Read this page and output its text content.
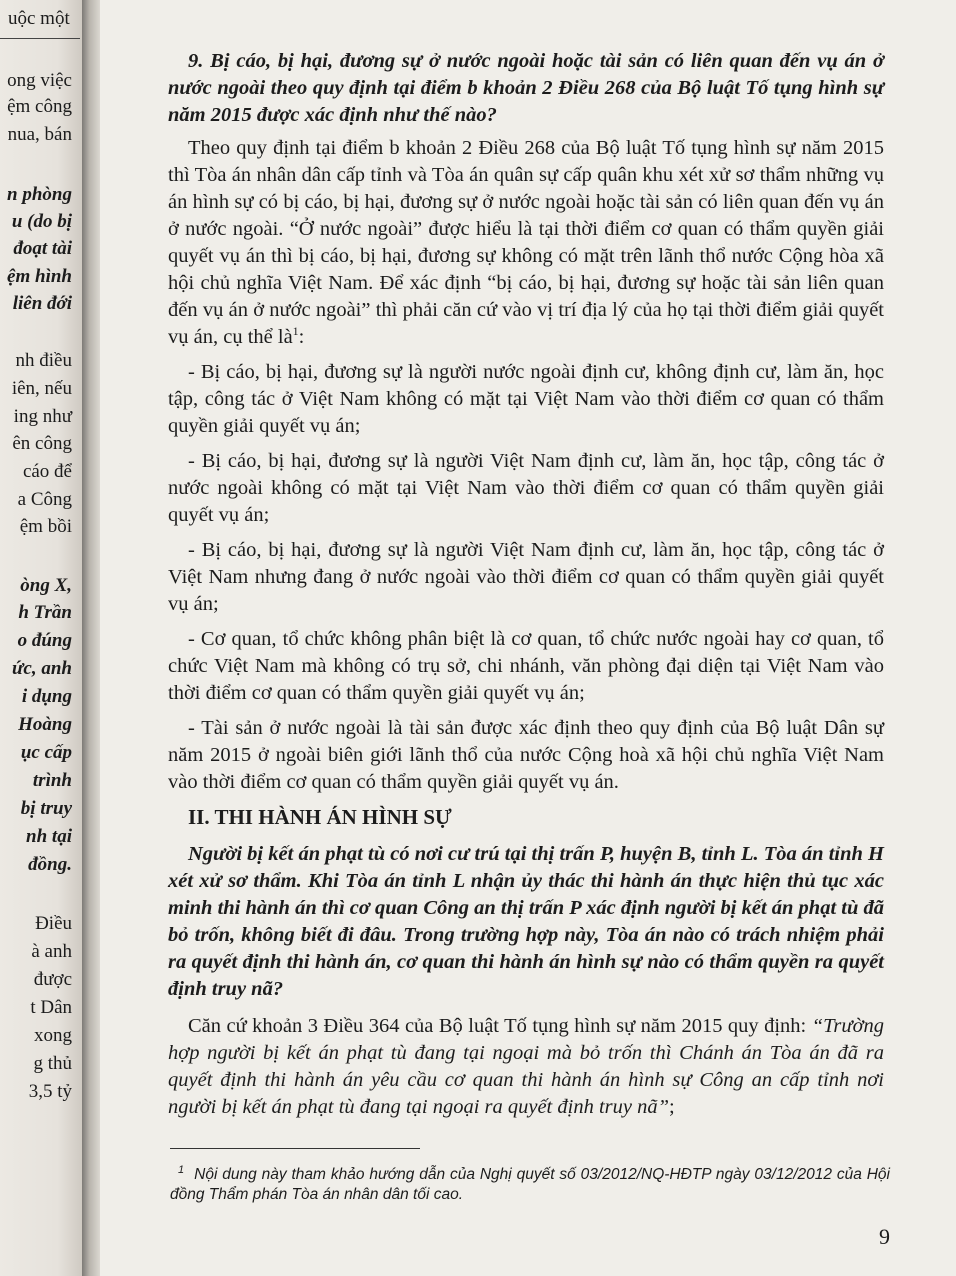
uộc một
ong việc
ệm công
nua, bán
n phòng
u (do bị
đoạt tài
ệm hình
liên đới
nh điều
iên, nếu
ing như
ên công
cáo để
a Công
ệm bồi
òng X,
h Trần
o đúng
ức, anh
i dụng
Hoàng
ục cấp
trình
bị truy
nh tại
đồng.
Điều
à anh
được
t Dân
xong
g thủ
3,5 tỷ

9. Bị cáo, bị hại, đương sự ở nước ngoài hoặc tài sản có liên quan đến vụ án ở nước ngoài theo quy định tại điểm b khoản 2 Điều 268 của Bộ luật Tố tụng hình sự năm 2015 được xác định như thế nào?

Theo quy định tại điểm b khoản 2 Điều 268 của Bộ luật Tố tụng hình sự năm 2015 thì Tòa án nhân dân cấp tỉnh và Tòa án quân sự cấp quân khu xét xử sơ thẩm những vụ án hình sự có bị cáo, bị hại, đương sự ở nước ngoài hoặc tài sản có liên quan đến vụ án ở nước ngoài. “Ở nước ngoài” được hiểu là tại thời điểm cơ quan có thẩm quyền giải quyết vụ án thì bị cáo, bị hại, đương sự không có mặt trên lãnh thổ nước Cộng hòa xã hội chủ nghĩa Việt Nam. Để xác định “bị cáo, bị hại, đương sự hoặc tài sản liên quan đến vụ án ở nước ngoài” thì phải căn cứ vào vị trí địa lý của họ tại thời điểm giải quyết vụ án, cụ thể $là^1$:

- Bị cáo, bị hại, đương sự là người nước ngoài định cư, không định cư, làm ăn, học tập, công tác ở Việt Nam không có mặt tại Việt Nam vào thời điểm cơ quan có thẩm quyền giải quyết vụ án;

- Bị cáo, bị hại, đương sự là người Việt Nam định cư, làm ăn, học tập, công tác ở nước ngoài không có mặt tại Việt Nam vào thời điểm cơ quan có thẩm quyền giải quyết vụ án;

- Bị cáo, bị hại, đương sự là người Việt Nam định cư, làm ăn, học tập, công tác ở Việt Nam nhưng đang ở nước ngoài vào thời điểm cơ quan có thẩm quyền giải quyết vụ án;

- Cơ quan, tổ chức không phân biệt là cơ quan, tổ chức nước ngoài hay cơ quan, tổ chức Việt Nam mà không có trụ sở, chi nhánh, văn phòng đại diện tại Việt Nam vào thời điểm cơ quan có thẩm quyền giải quyết vụ án;

- Tài sản ở nước ngoài là tài sản được xác định theo quy định của Bộ luật Dân sự năm 2015 ở ngoài biên giới lãnh thổ của nước Cộng hoà xã hội chủ nghĩa Việt Nam vào thời điểm cơ quan có thẩm quyền giải quyết vụ án.

II. THI HÀNH ÁN HÌNH SỰ

Người bị kết án phạt tù có nơi cư trú tại thị trấn P, huyện B, tỉnh L. Tòa án tỉnh H xét xử sơ thẩm. Khi Tòa án tỉnh L nhận ủy thác thi hành án thực hiện thủ tục xác minh thi hành án thì cơ quan Công an thị trấn P xác định người bị kết án phạt tù đã bỏ trốn, không biết đi đâu. Trong trường hợp này, Tòa án nào có trách nhiệm phải ra quyết định thi hành án, cơ quan thi hành án hình sự nào có thẩm quyền ra quyết định truy nã?

Căn cứ khoản 3 Điều 364 của Bộ luật Tố tụng hình sự năm 2015 quy định: “Trường hợp người bị kết án phạt tù đang tại ngoại mà bỏ trốn thì Chánh án Tòa án đã ra quyết định thi hành án yêu cầu cơ quan thi hành án hình sự Công an cấp tỉnh nơi người bị kết án phạt tù đang tại ngoại ra quyết định truy nã”;

$^1$ Nội dung này tham khảo hướng dẫn của Nghị quyết số 03/2012/NQ-HĐTP ngày 03/12/2012 của Hội đồng Thẩm phán Tòa án nhân dân tối cao.
9
